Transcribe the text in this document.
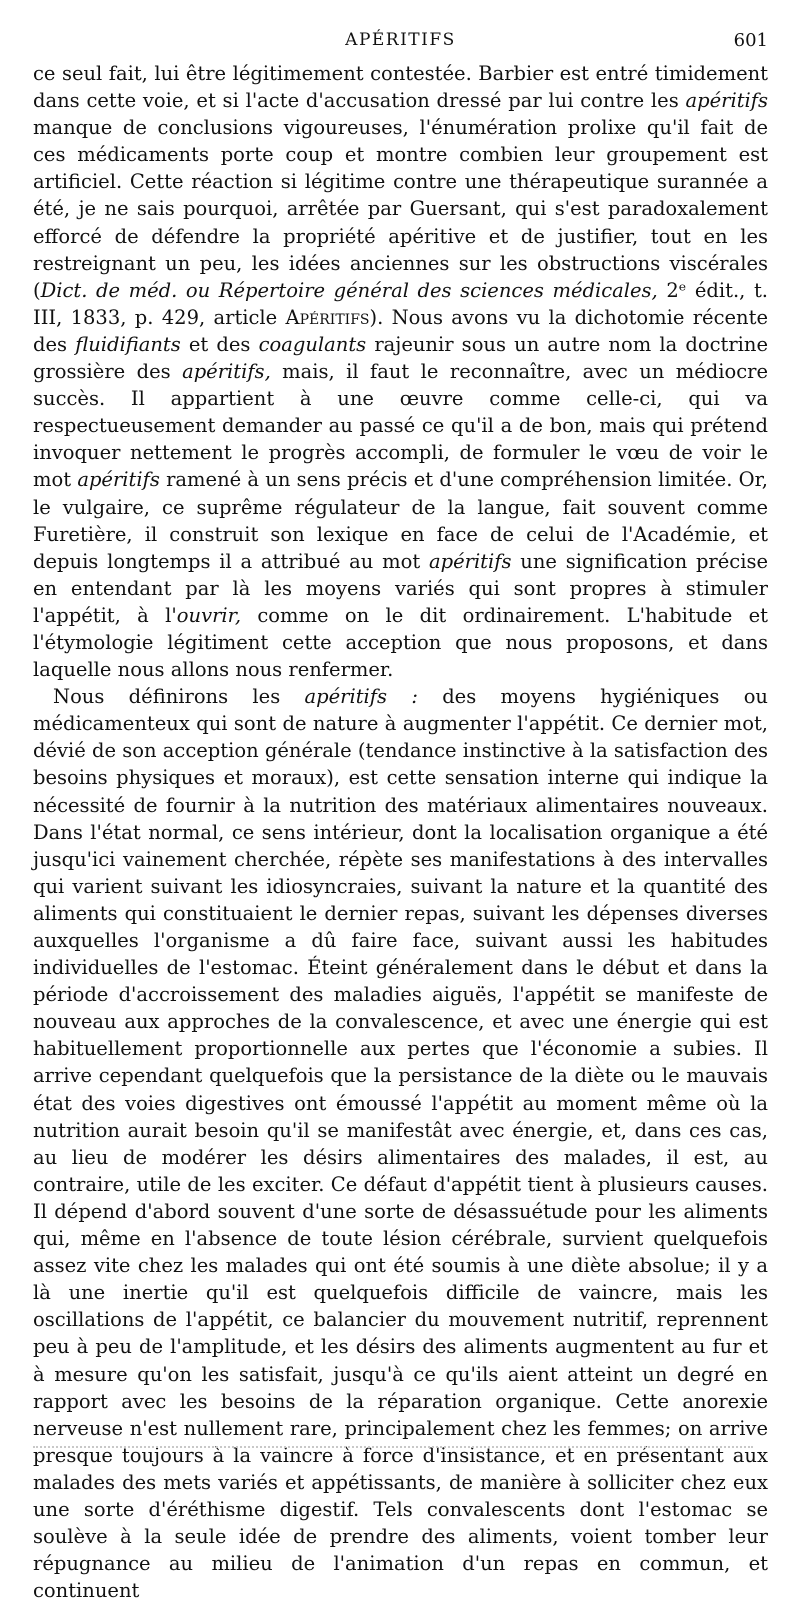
APÉRITIFS	601

ce seul fait, lui être légitimement contestée. Barbier est entré timidement dans cette voie, et si l'acte d'accusation dressé par lui contre les apéritifs manque de conclusions vigoureuses, l'énumération prolixe qu'il fait de ces médicaments porte coup et montre combien leur groupement est artificiel. Cette réaction si légitime contre une thérapeutique surannée a été, je ne sais pourquoi, arrêtée par Guersant, qui s'est paradoxalement efforcé de défendre la propriété apéritive et de justifier, tout en les restreignant un peu, les idées anciennes sur les obstructions viscérales (Dict. de méd. ou Répertoire général des sciences médicales, 2ᵉ édit., t. III, 1833, p. 429, article Apéritifs). Nous avons vu la dichotomie récente des fluidifiants et des coagulants rajeunir sous un autre nom la doctrine grossière des apéritifs, mais, il faut le reconnaître, avec un médiocre succès. Il appartient à une œuvre comme celle-ci, qui va respectueusement demander au passé ce qu'il a de bon, mais qui prétend invoquer nettement le progrès accompli, de formuler le vœu de voir le mot apéritifs ramené à un sens précis et d'une compréhension limitée. Or, le vulgaire, ce suprême régulateur de la langue, fait souvent comme Furetière, il construit son lexique en face de celui de l'Académie, et depuis longtemps il a attribué au mot apéritifs une signification précise en entendant par là les moyens variés qui sont propres à stimuler l'appétit, à l'ouvrir, comme on le dit ordinairement. L'habitude et l'étymologie légitiment cette acception que nous proposons, et dans laquelle nous allons nous renfermer.

Nous définirons les apéritifs : des moyens hygiéniques ou médicamenteux qui sont de nature à augmenter l'appétit. Ce dernier mot, dévié de son acception générale (tendance instinctive à la satisfaction des besoins physiques et moraux), est cette sensation interne qui indique la nécessité de fournir à la nutrition des matériaux alimentaires nouveaux. Dans l'état normal, ce sens intérieur, dont la localisation organique a été jusqu'ici vainement cherchée, répète ses manifestations à des intervalles qui varient suivant les idiosyncraies, suivant la nature et la quantité des aliments qui constituaient le dernier repas, suivant les dépenses diverses auxquelles l'organisme a dû faire face, suivant aussi les habitudes individuelles de l'estomac. Éteint généralement dans le début et dans la période d'accroissement des maladies aiguës, l'appétit se manifeste de nouveau aux approches de la convalescence, et avec une énergie qui est habituellement proportionnelle aux pertes que l'économie a subies. Il arrive cependant quelquefois que la persistance de la diète ou le mauvais état des voies digestives ont émoussé l'appétit au moment même où la nutrition aurait besoin qu'il se manifestât avec énergie, et, dans ces cas, au lieu de modérer les désirs alimentaires des malades, il est, au contraire, utile de les exciter. Ce défaut d'appétit tient à plusieurs causes. Il dépend d'abord souvent d'une sorte de désassuétude pour les aliments qui, même en l'absence de toute lésion cérébrale, survient quelquefois assez vite chez les malades qui ont été soumis à une diète absolue; il y a là une inertie qu'il est quelquefois difficile de vaincre, mais les oscillations de l'appétit, ce balancier du mouvement nutritif, reprennent peu à peu de l'amplitude, et les désirs des aliments augmentent au fur et à mesure qu'on les satisfait, jusqu'à ce qu'ils aient atteint un degré en rapport avec les besoins de la réparation organique. Cette anorexie nerveuse n'est nullement rare, principalement chez les femmes; on arrive presque toujours à la vaincre à force d'insistance, et en présentant aux malades des mets variés et appétissants, de manière à solliciter chez eux une sorte d'éréthisme digestif. Tels convalescents dont l'estomac se soulève à la seule idée de prendre des aliments, voient tomber leur répugnance au milieu de l'animation d'un repas en commun, et continuent
